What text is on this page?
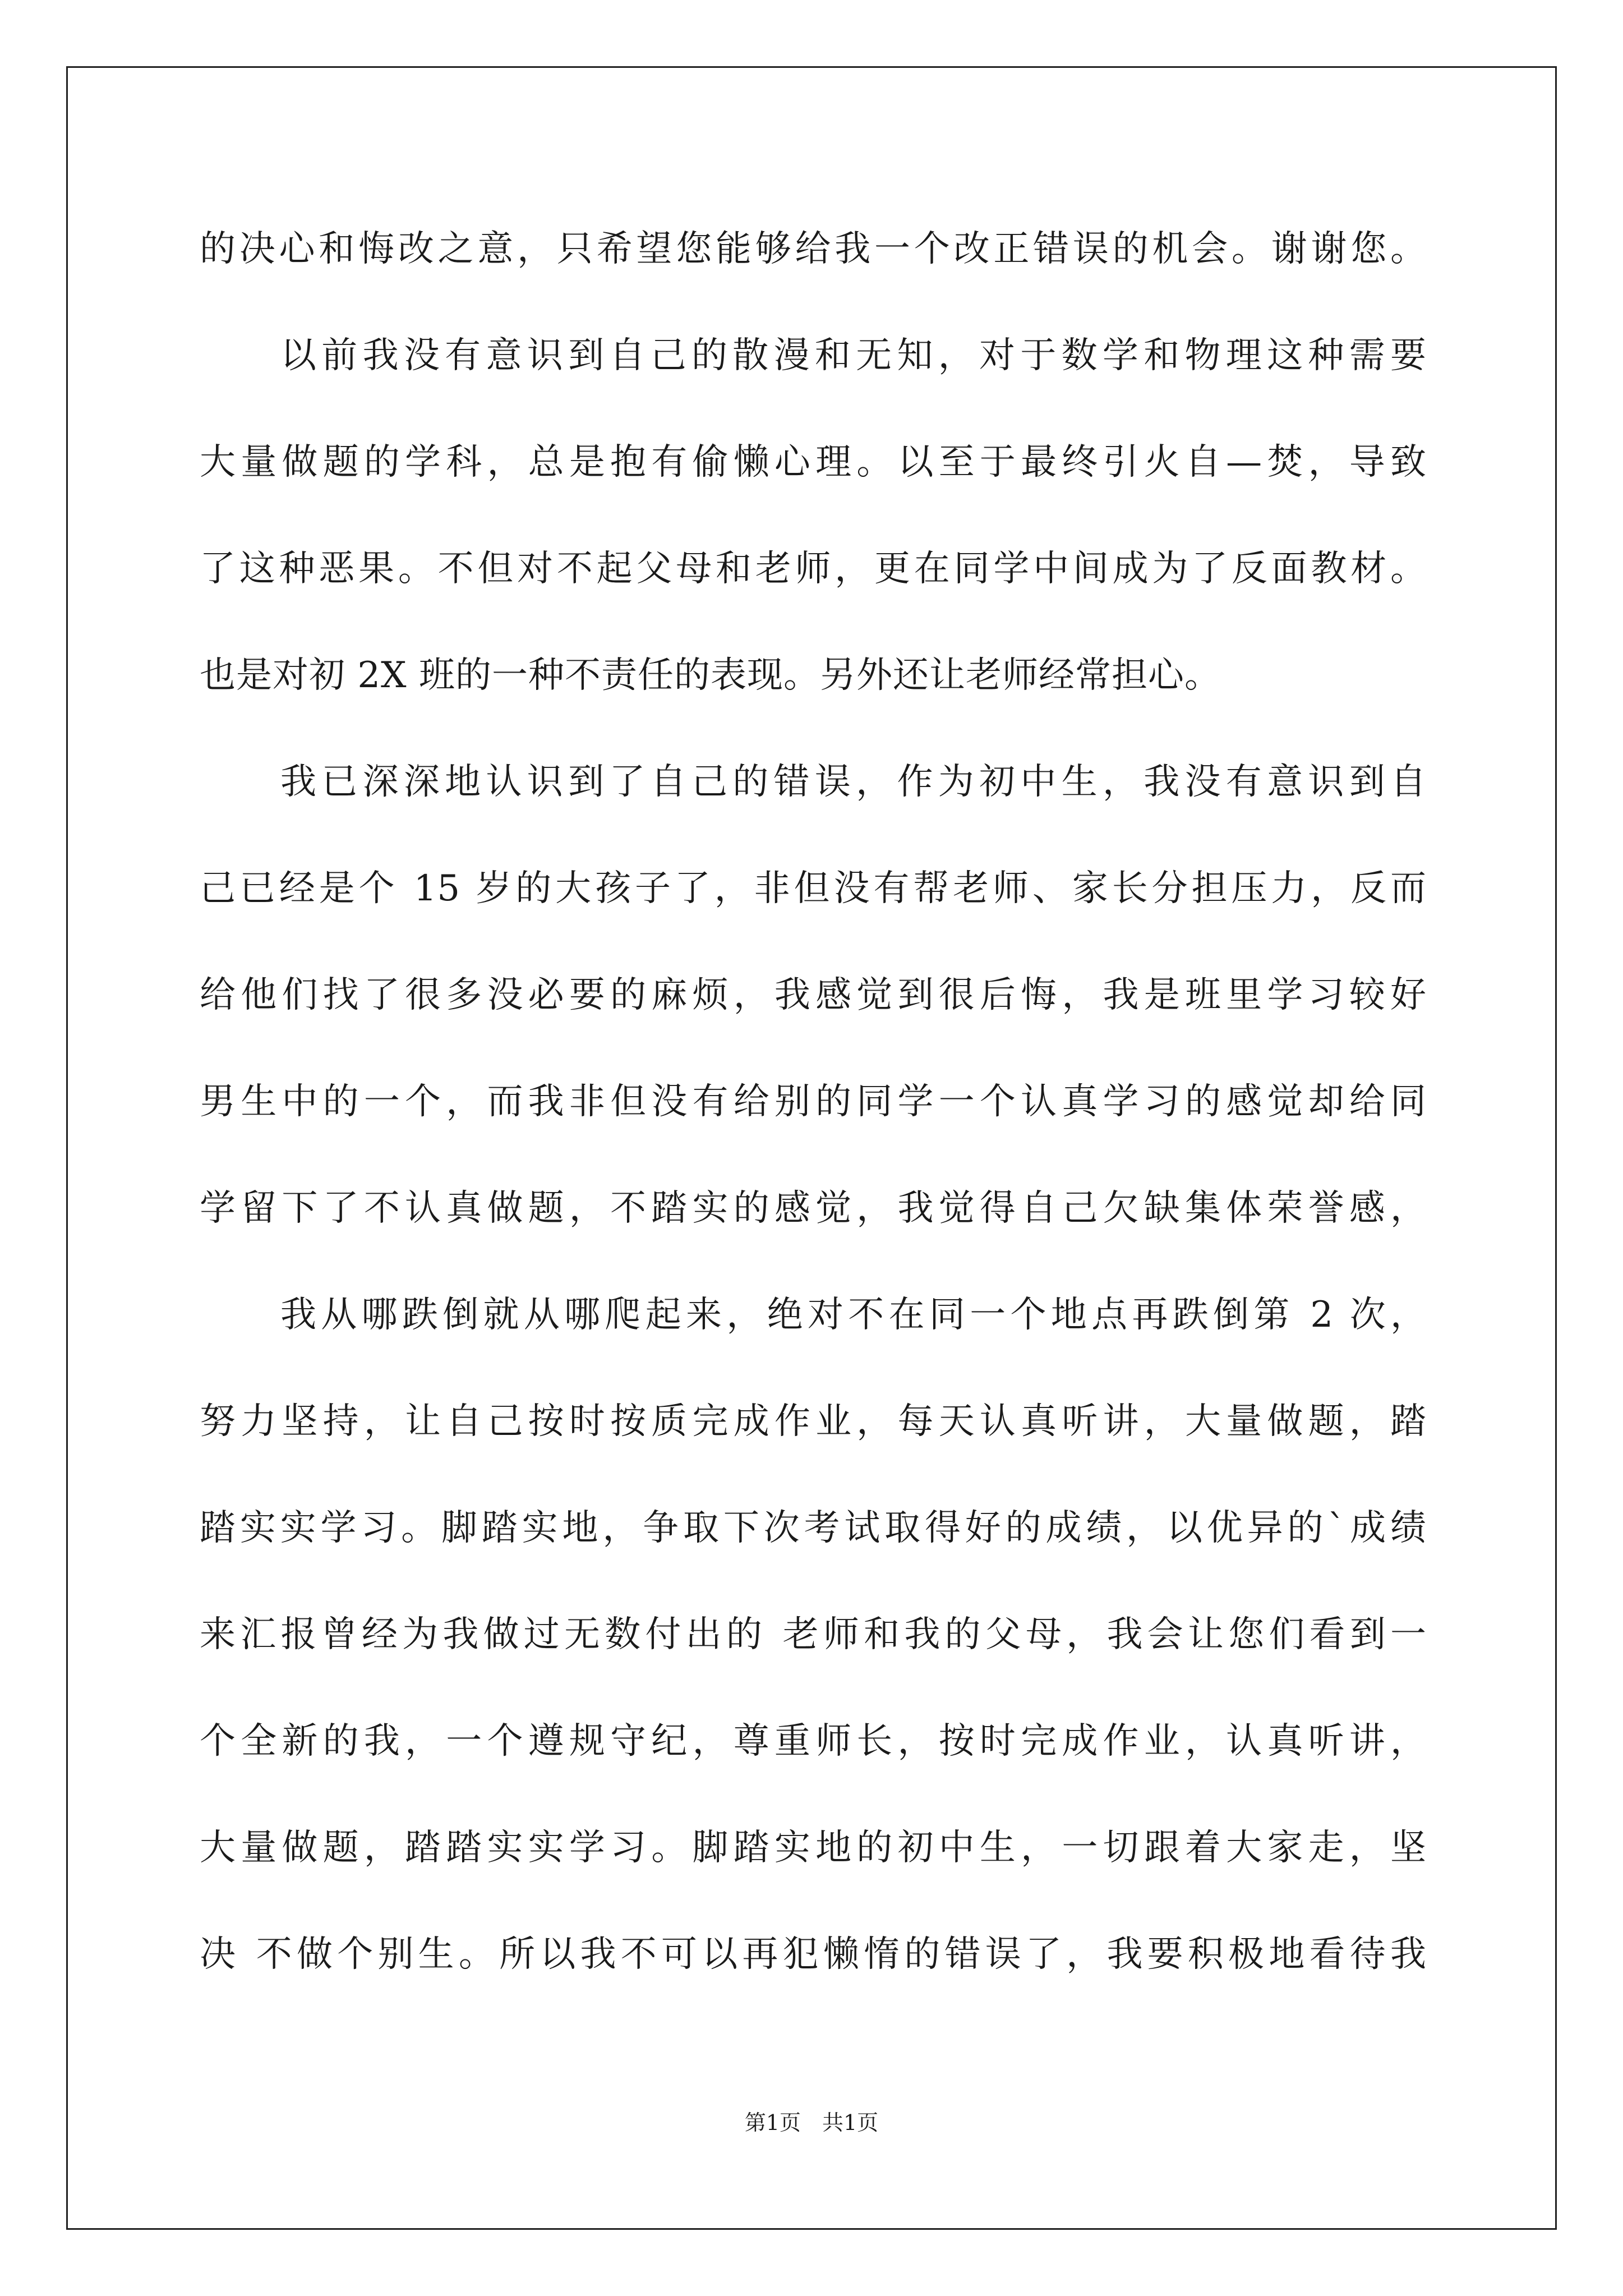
的决心和悔改之意，只希望您能够给我一个改正错误的机会。谢谢您。
以前我没有意识到自己的散漫和无知，对于数学和物理这种需要
大量做题的学科，总是抱有偷懒心理。以至于最终引火自—焚，导致
了这种恶果。不但对不起父母和老师，更在同学中间成为了反面教材。
也是对初 2X 班的一种不责任的表现。另外还让老师经常担心。
我已深深地认识到了自己的错误，作为初中生，我没有意识到自
己已经是个 15 岁的大孩子了，非但没有帮老师、家长分担压力，反而
给他们找了很多没必要的麻烦，我感觉到很后悔，我是班里学习较好
男生中的一个，而我非但没有给别的同学一个认真学习的感觉却给同
学留下了不认真做题，不踏实的感觉，我觉得自己欠缺集体荣誉感，
我从哪跌倒就从哪爬起来，绝对不在同一个地点再跌倒第 2 次，
努力坚持，让自己按时按质完成作业，每天认真听讲，大量做题，踏
踏实实学习。脚踏实地，争取下次考试取得好的成绩，以优异的`成绩
来汇报曾经为我做过无数付出的 老师和我的父母，我会让您们看到一
个全新的我，一个遵规守纪，尊重师长，按时完成作业，认真听讲，
大量做题，踏踏实实学习。脚踏实地的初中生，一切跟着大家走，坚
决 不做个别生。所以我不可以再犯懒惰的错误了，我要积极地看待我
第1页　共1页
